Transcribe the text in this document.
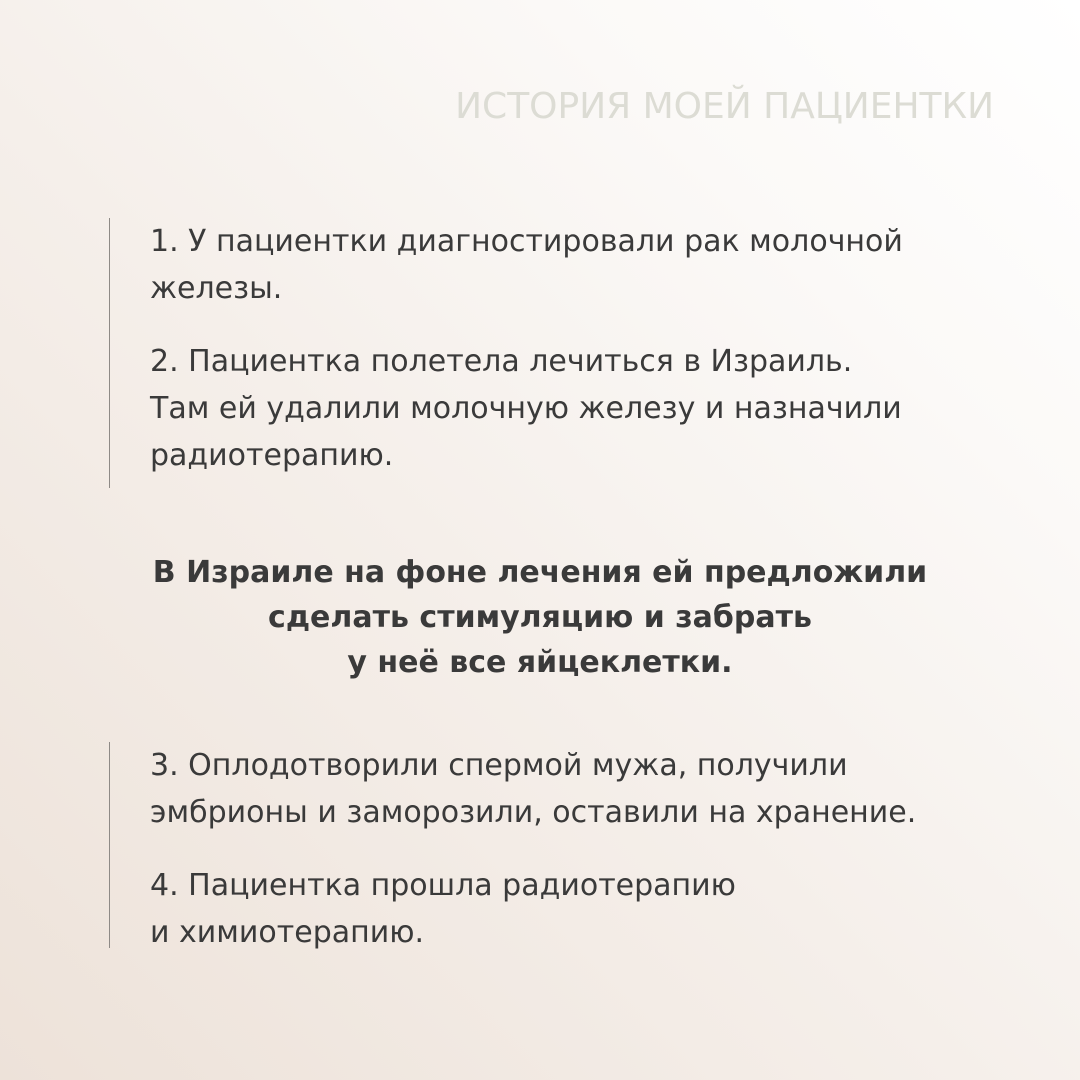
ИСТОРИЯ МОЕЙ ПАЦИЕНТКИ
1. У пациентки диагностировали рак молочной
железы.
2. Пациентка полетела лечиться в Израиль.
Там ей удалили молочную железу и назначили
радиотерапию.
В Израиле на фоне лечения ей предложили
сделать стимуляцию и забрать
у неё все яйцеклетки.
3. Оплодотворили спермой мужа, получили
эмбрионы и заморозили, оставили на хранение.
4. Пациентка прошла радиотерапию
и химиотерапию.
